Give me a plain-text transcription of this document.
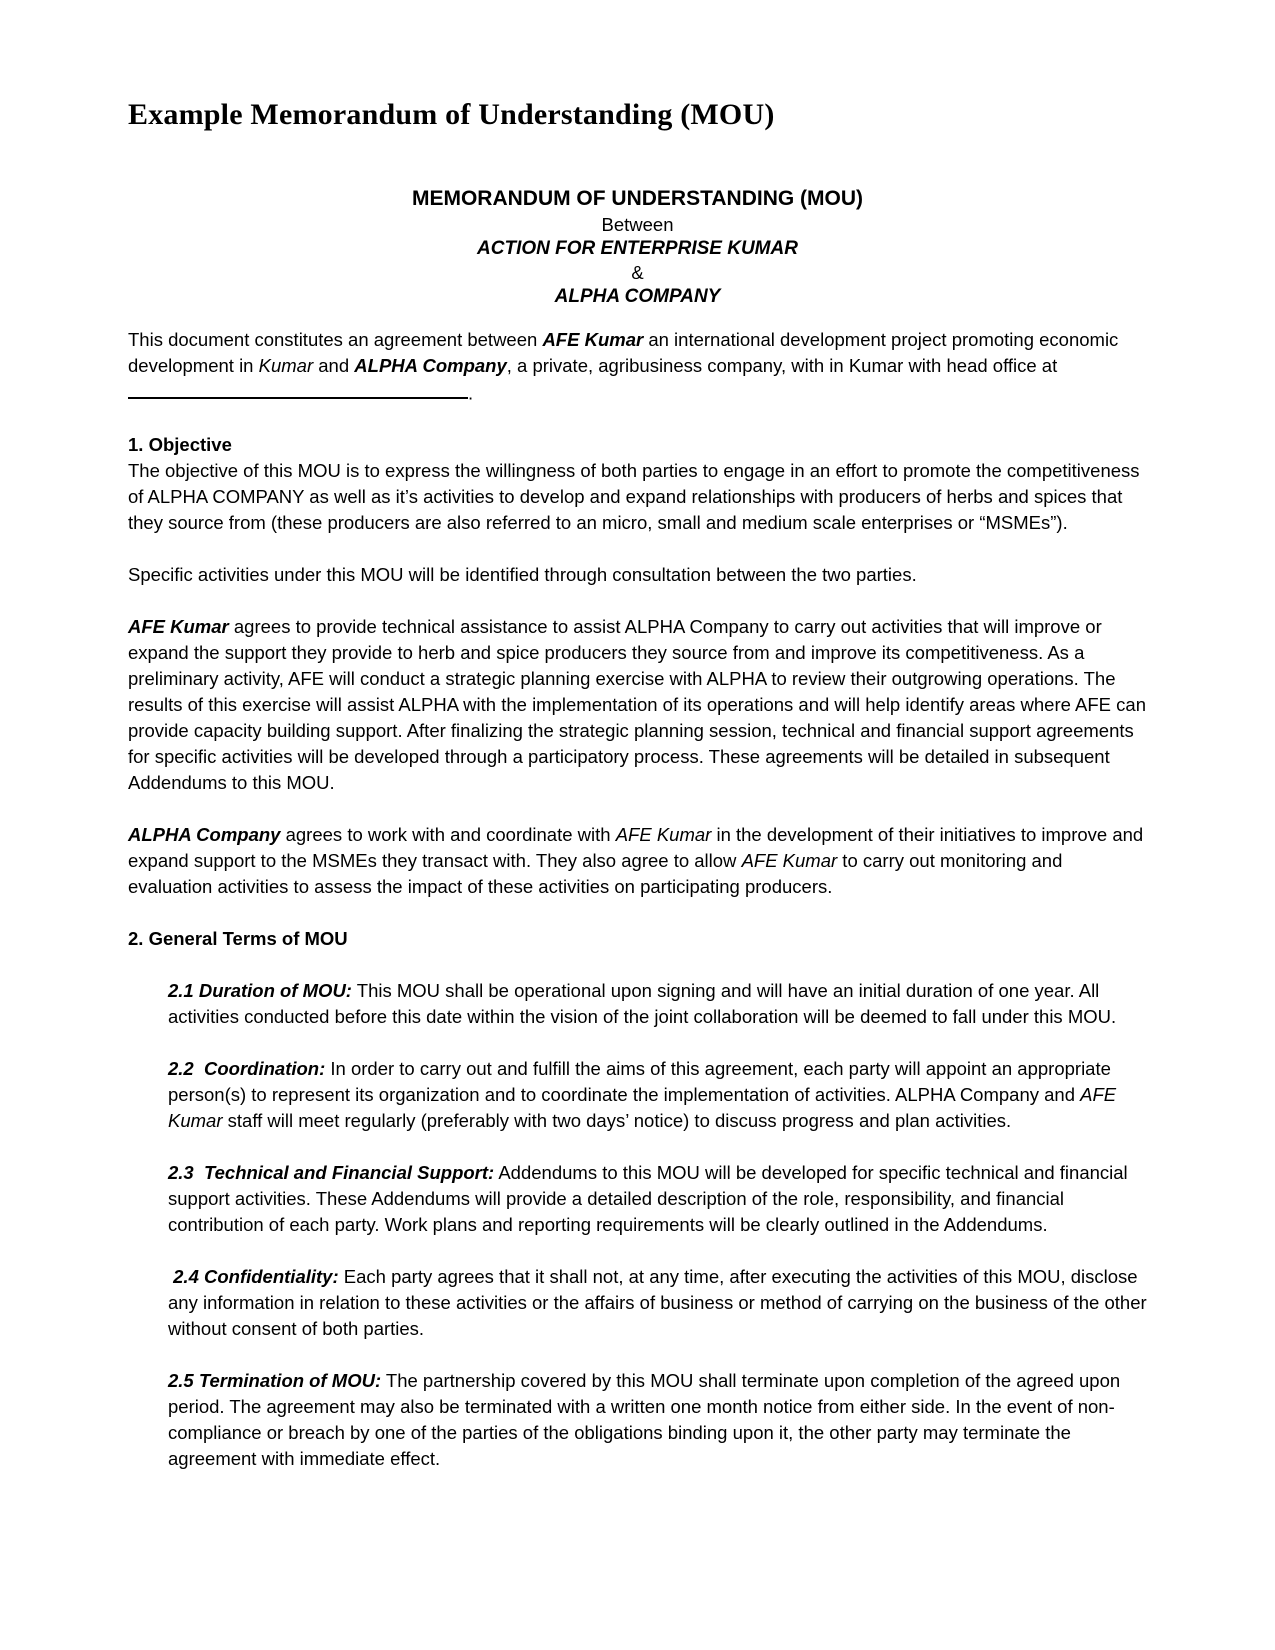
Example Memorandum of Understanding (MOU)
MEMORANDUM OF UNDERSTANDING (MOU)
Between
ACTION FOR ENTERPRISE KUMAR
&
ALPHA COMPANY

This document constitutes an agreement between AFE Kumar an international development project promoting economic development in Kumar and ALPHA Company, a private, agribusiness company, with in Kumar with head office at.

1. Objective

The objective of this MOU is to express the willingness of both parties to engage in an effort to promote the competitiveness of ALPHA COMPANY as well as it’s activities to develop and expand relationships with producers of herbs and spices that they source from (these producers are also referred to an micro, small and medium scale enterprises or “MSMEs”).

Specific activities under this MOU will be identified through consultation between the two parties.

AFE Kumar agrees to provide technical assistance to assist ALPHA Company to carry out activities that will improve or expand the support they provide to herb and spice producers they source from and improve its competitiveness. As a preliminary activity, AFE will conduct a strategic planning exercise with ALPHA to review their outgrowing operations. The results of this exercise will assist ALPHA with the implementation of its operations and will help identify areas where AFE can provide capacity building support. After finalizing the strategic planning session, technical and financial support agreements for specific activities will be developed through a participatory process. These agreements will be detailed in subsequent Addendums to this MOU.

ALPHA Company agrees to work with and coordinate with AFE Kumar in the development of their initiatives to improve and expand support to the MSMEs they transact with. They also agree to allow AFE Kumar to carry out monitoring and evaluation activities to assess the impact of these activities on participating producers.

2. General Terms of MOU

2.1 Duration of MOU: This MOU shall be operational upon signing and will have an initial duration of one year. All activities conducted before this date within the vision of the joint collaboration will be deemed to fall under this MOU.

2.2  Coordination: In order to carry out and fulfill the aims of this agreement, each party will appoint an appropriate person(s) to represent its organization and to coordinate the implementation of activities. ALPHA Company and AFE Kumar staff will meet regularly (preferably with two days’ notice) to discuss progress and plan activities.

2.3  Technical and Financial Support: Addendums to this MOU will be developed for specific technical and financial support activities. These Addendums will provide a detailed description of the role, responsibility, and financial contribution of each party. Work plans and reporting requirements will be clearly outlined in the Addendums.

2.4 Confidentiality: Each party agrees that it shall not, at any time, after executing the activities of this MOU, disclose any information in relation to these activities or the affairs of business or method of carrying on the business of the other without consent of both parties.

2.5 Termination of MOU: The partnership covered by this MOU shall terminate upon completion of the agreed upon period. The agreement may also be terminated with a written one month notice from either side. In the event of non-compliance or breach by one of the parties of the obligations binding upon it, the other party may terminate the agreement with immediate effect.
